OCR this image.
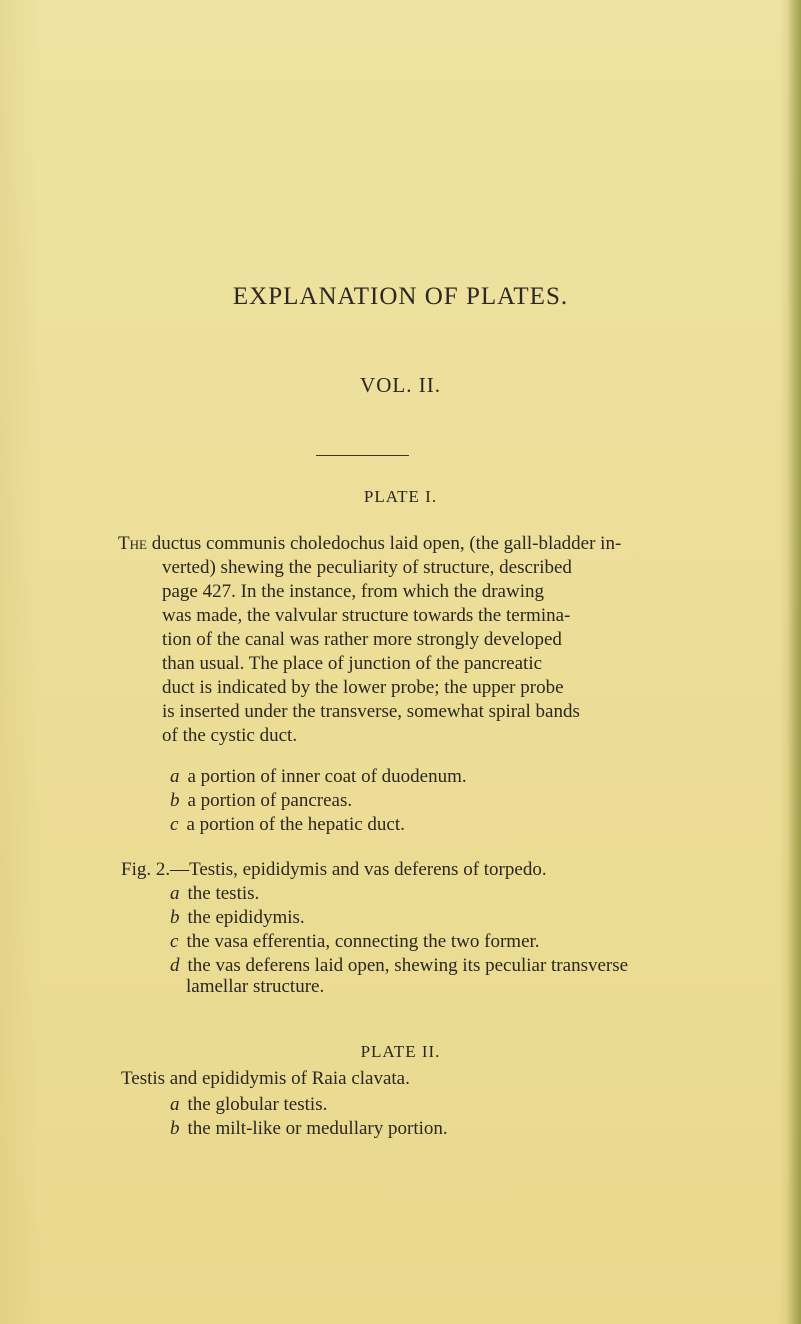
EXPLANATION OF PLATES.
VOL. II.
PLATE I.
The ductus communis choledochus laid open, (the gall-bladder in-
verted) shewing the peculiarity of structure, described
page 427. In the instance, from which the drawing
was made, the valvular structure towards the termina-
tion of the canal was rather more strongly developed
than usual. The place of junction of the pancreatic
duct is indicated by the lower probe; the upper probe
is inserted under the transverse, somewhat spiral bands
of the cystic duct.
a a portion of inner coat of duodenum.
b a portion of pancreas.
c a portion of the hepatic duct.
Fig. 2.—Testis, epididymis and vas deferens of torpedo.
a the testis.
b the epididymis.
c the vasa efferentia, connecting the two former.
d the vas deferens laid open, shewing its peculiar transverse
lamellar structure.
PLATE II.
Testis and epididymis of Raia clavata.
a the globular testis.
b the milt-like or medullary portion.
